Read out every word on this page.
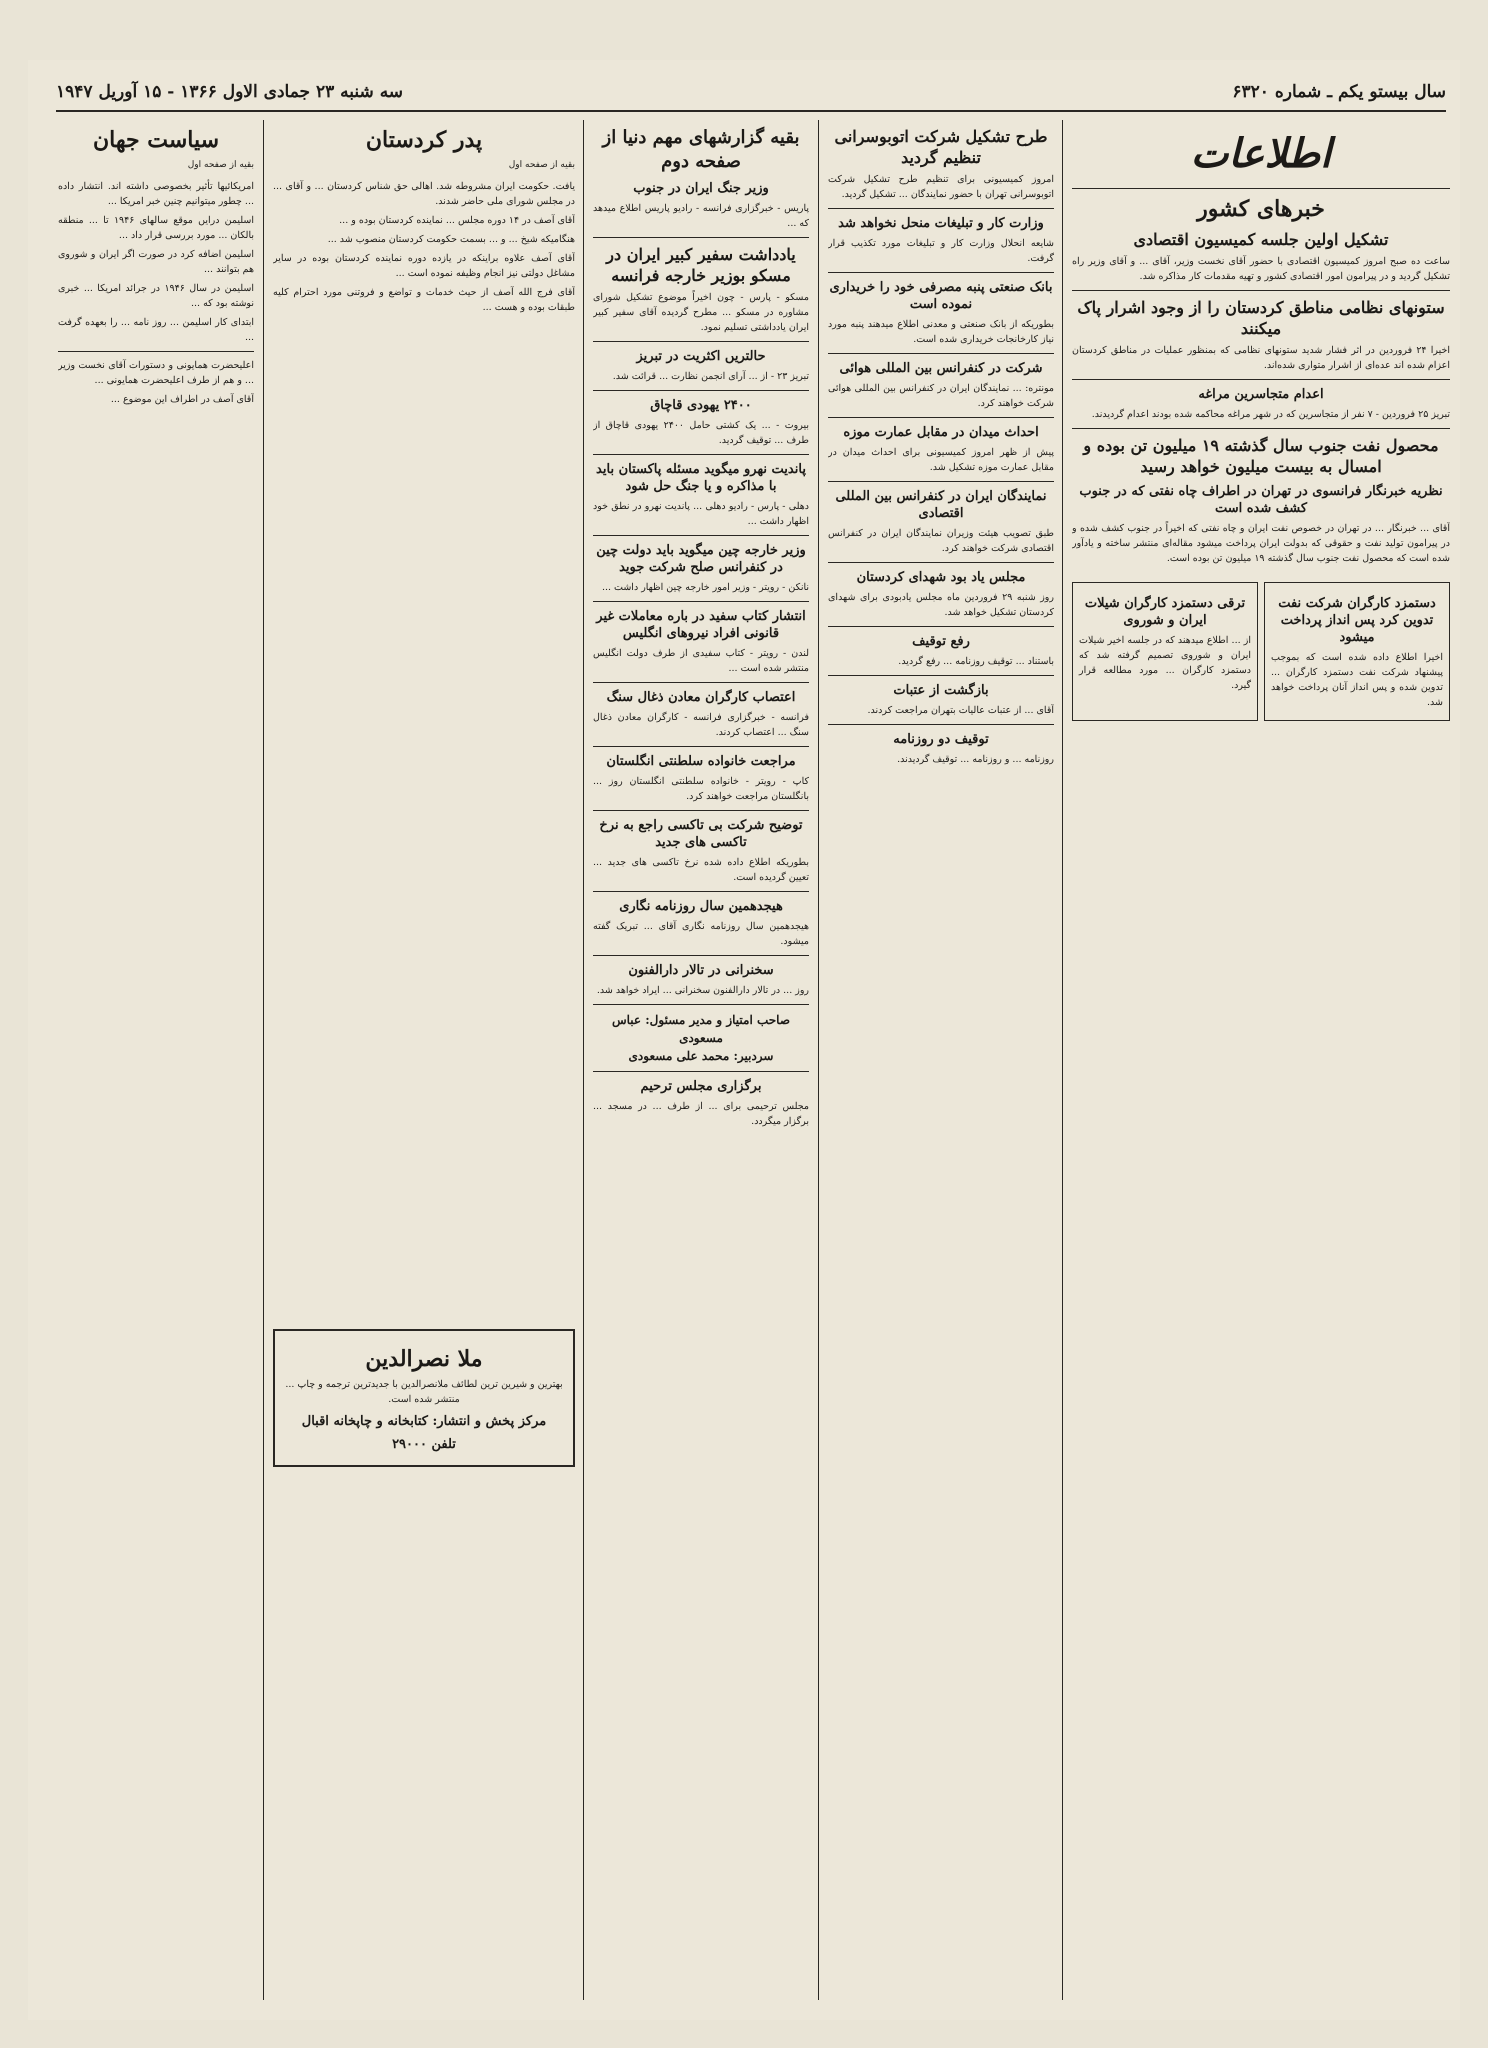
سال بیستو یکم ـ شماره ۶۳۲۰
سه شنبه ۲۳ جمادی الاول ۱۳۶۶ - ۱۵ آوریل ۱۹۴۷
اطلاعات
خبرهای کشور
تشکیل اولین جلسه کمیسیون اقتصادی

ساعت ده صبح امروز کمیسیون اقتصادی با حضور آقای نخست وزیر، آقای ... و آقای وزیر راه تشکیل گردید و در پیرامون امور اقتصادی کشور و تهیه مقدمات کار مذاکره شد.

ستونهای نظامی مناطق کردستان را از وجود اشرار پاک میکنند

اخیرا ۲۴ فروردین در اثر فشار شدید ستونهای نظامی که بمنظور عملیات در مناطق کردستان اعزام شده اند عده‌ای از اشرار متواری شده‌اند.

اعدام متجاسرین مراغه

تبریز ۲۵ فروردین - ۷ نفر از متجاسرین که در شهر مراغه محاکمه شده بودند اعدام گردیدند.

محصول نفت جنوب سال گذشته ۱۹ میلیون تن بوده و امسال به بیست میلیون خواهد رسید
نظریه خبرنگار فرانسوی در تهران در اطراف چاه نفتی که در جنوب کشف شده است

آقای ... خبرنگار ... در تهران در خصوص نفت ایران و چاه نفتی که اخیراً در جنوب کشف شده و در پیرامون تولید نفت و حقوقی که بدولت ایران پرداخت میشود مقاله‌ای منتشر ساخته و یادآور شده است که محصول نفت جنوب سال گذشته ۱۹ میلیون تن بوده است.

دستمزد کارگران شرکت نفت تدوین کرد پس انداز پرداخت میشود

اخیرا اطلاع داده شده است که بموجب پیشنهاد شرکت نفت دستمزد کارگران ... تدوین شده و پس انداز آنان پرداخت خواهد شد.

ترقی دستمزد کارگران شیلات ایران و شوروی

از ... اطلاع میدهند که در جلسه اخیر شیلات ایران و شوروی تصمیم گرفته شد که دستمزد کارگران ... مورد مطالعه قرار گیرد.

طرح تشکیل شرکت اتوبوسرانی تنظیم گردید

امروز کمیسیونی برای تنظیم طرح تشکیل شرکت اتوبوسرانی تهران با حضور نمایندگان ... تشکیل گردید.

وزارت کار و تبلیغات منحل نخواهد شد

شایعه انحلال وزارت کار و تبلیغات مورد تکذیب قرار گرفت.

بانک صنعتی پنبه مصرفی خود را خریداری نموده است

بطوریکه از بانک صنعتی و معدنی اطلاع میدهند پنبه مورد نیاز کارخانجات خریداری شده است.

شرکت در کنفرانس بین المللی هوائی

مونتره: ... نمایندگان ایران در کنفرانس بین المللی هوائی شرکت خواهند کرد.

احداث میدان در مقابل عمارت موزه

پیش از ظهر امروز کمیسیونی برای احداث میدان در مقابل عمارت موزه تشکیل شد.

نمایندگان ایران در کنفرانس بین المللی اقتصادی

طبق تصویب هیئت وزیران نمایندگان ایران در کنفرانس اقتصادی شرکت خواهند کرد.

مجلس یاد بود شهدای کردستان

روز شنبه ۲۹ فروردین ماه مجلس یادبودی برای شهدای کردستان تشکیل خواهد شد.

رفع توقیف

باستناد ... توقیف روزنامه ... رفع گردید.

بازگشت از عتبات

آقای ... از عتبات عالیات بتهران مراجعت کردند.

توقیف دو روزنامه

روزنامه ... و روزنامه ... توقیف گردیدند.

بقیه گزارشهای مهم دنیا از صفحه دوم
وزیر جنگ ایران در جنوب

پاریس - خبرگزاری فرانسه - رادیو پاریس اطلاع میدهد که ...

یادداشت سفیر کبیر ایران در مسکو بوزیر خارجه فرانسه

مسکو - پارس - چون اخیراً موضوع تشکیل شورای مشاوره در مسکو ... مطرح گردیده آقای سفیر کبیر ایران یادداشتی تسلیم نمود.

حالتریں اکثریت در تبریز

تبریز ۲۳ - از ... آرای انجمن نظارت ... قرائت شد.

۲۴۰۰ یهودی قاچاق

بیروت - ... یک کشتی حامل ۲۴۰۰ یهودی قاچاق از طرف ... توقیف گردید.

پاندیت نهرو میگوید مسئله پاکستان باید با مذاکره و یا جنگ حل شود

دهلی - پارس - رادیو دهلی ... پاندیت نهرو در نطق خود اظهار داشت ...

وزیر خارجه چین میگوید باید دولت چین در کنفرانس صلح شرکت جوید

نانکن - رویتر - وزیر امور خارجه چین اظهار داشت ...

انتشار کتاب سفید در باره معاملات غیر قانونی افراد نیروهای انگلیس

لندن - رویتر - کتاب سفیدی از طرف دولت انگلیس منتشر شده است ...

اعتصاب کارگران معادن ذغال سنگ

فرانسه - خبرگزاری فرانسه - کارگران معادن ذغال سنگ ... اعتصاب کردند.

مراجعت خانواده سلطنتی انگلستان

کاپ - رویتر - خانواده سلطنتی انگلستان روز ... بانگلستان مراجعت خواهند کرد.

توضیح شرکت بی تاکسی راجع به نرخ تاکسی های جدید

بطوریکه اطلاع داده شده نرخ تاکسی های جدید ... تعیین گردیده است.

هیجدهمین سال روزنامه نگاری

هیجدهمین سال روزنامه نگاری آقای ... تبریک گفته میشود.

سخنرانی در تالار دارالفنون

روز ... در تالار دارالفنون سخنرانی ... ایراد خواهد شد.

صاحب امتیاز و مدیر مسئول: عباس مسعودی
سردبیر: محمد علی مسعودی
برگزاری مجلس ترحیم

مجلس ترحیمی برای ... از طرف ... در مسجد ... برگزار میگردد.

پدر کردستان
بقیه از صفحه اول

یافت. حکومت ایران مشروطه شد. اهالی حق شناس کردستان ... و آقای ... در مجلس شورای ملی حاضر شدند.

آقای آصف در ۱۴ دوره مجلس ... نماینده کردستان بوده و ...

هنگامیکه شیخ ... و ... بسمت حکومت کردستان منصوب شد ...

آقای آصف علاوه براینکه در یازده دوره نماینده کردستان بوده در سایر مشاغل دولتی نیز انجام وظیفه نموده است ...

آقای فرج الله آصف از حیث خدمات و تواضع و فروتنی مورد احترام کلیه طبقات بوده و هست ...

ملا نصرالدین

بهترین و شیرین ترین لطائف ملانصرالدین با جدیدترین ترجمه و چاپ ... منتشر شده است.

مرکز پخش و انتشار: کتابخانه و چاپخانه اقبال
تلفن ۲۹۰۰۰
سیاست جهان
بقیه از صفحه اول

امریکائیها تأثیر بخصوصی داشته اند. انتشار داده ... چطور میتوانیم چنین خبر امریکا ...

اسلیمن درایں موقع سالهای ۱۹۴۶ تا ... منطقه بالکان ... مورد بررسی قرار داد ...

اسلیمن اضافه کرد در صورت اگر ایران و شوروی هم بتوانند ...

اسلیمن در سال ۱۹۴۶ در جرائد امریکا ... خبری نوشته بود که ...

ابتدای کار اسلیمن ... روز نامه ... را بعهده گرفت ...

اعلیحضرت همایونی و دستورات آقای نخست وزیر ... و هم از طرف اعلیحضرت همایونی ...

آقای آصف در اطراف این موضوع ...
